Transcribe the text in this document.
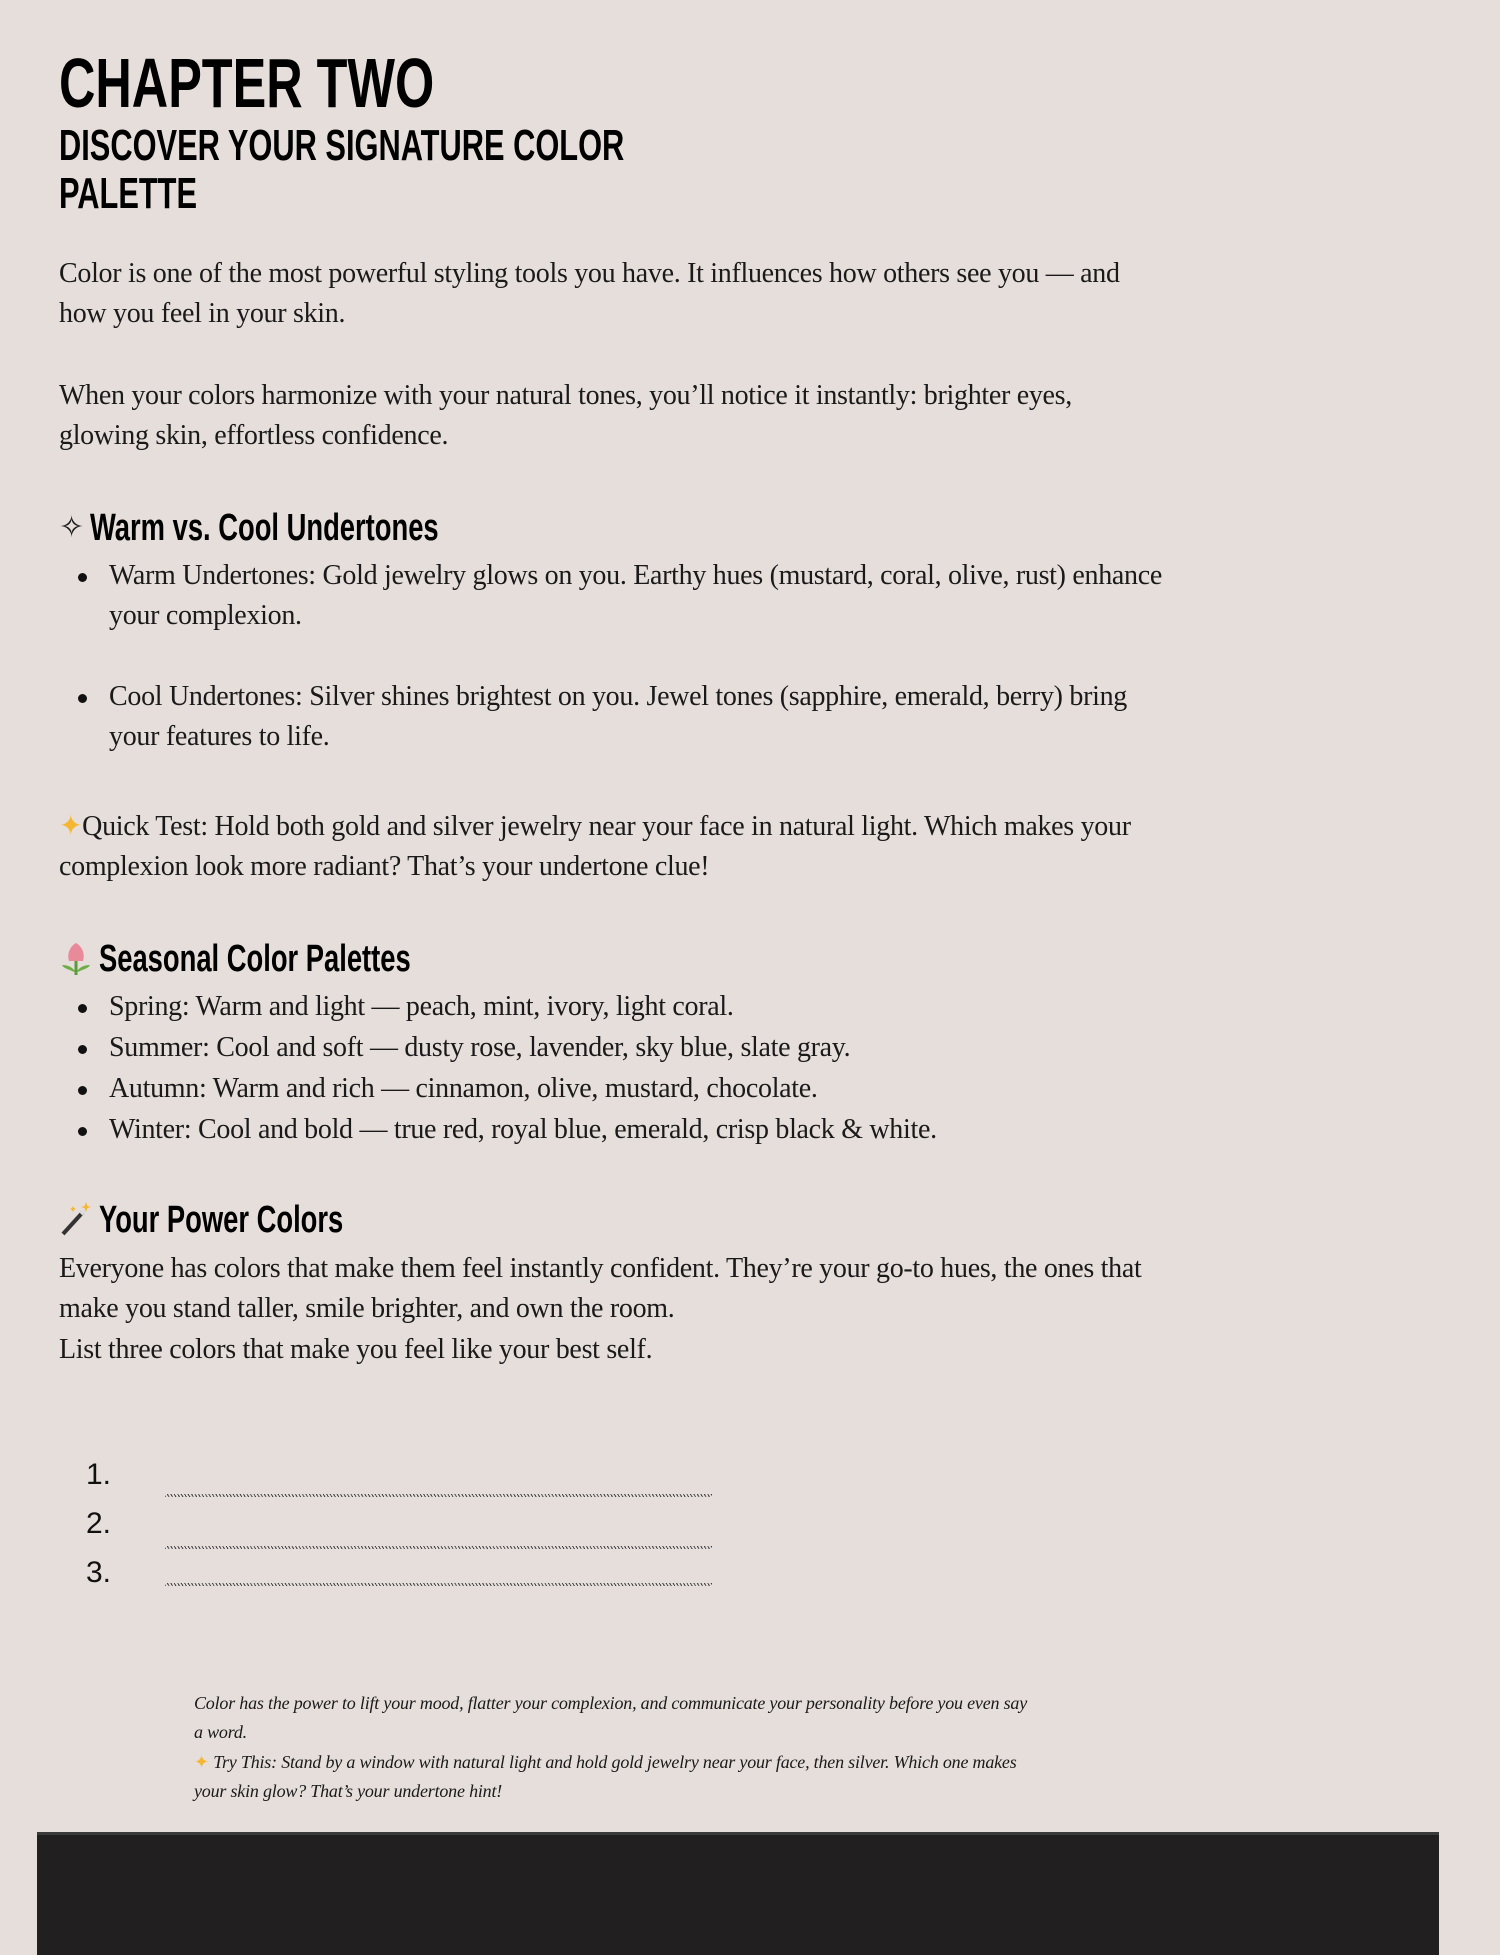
CHAPTER TWO
DISCOVER YOUR SIGNATURE COLOR
PALETTE
Color is one of the most powerful styling tools you have. It influences how others see you — and
how you feel in your skin.
When your colors harmonize with your natural tones, you’ll notice it instantly: brighter eyes,
glowing skin, effortless confidence.
✧ Warm vs. Cool Undertones
Warm Undertones: Gold jewelry glows on you. Earthy hues (mustard, coral, olive, rust) enhance
your complexion.
Cool Undertones: Silver shines brightest on you. Jewel tones (sapphire, emerald, berry) bring
your features to life.
✦Quick Test: Hold both gold and silver jewelry near your face in natural light. Which makes your
complexion look more radiant? That’s your undertone clue!
Seasonal Color Palettes
Spring: Warm and light — peach, mint, ivory, light coral.
Summer: Cool and soft — dusty rose, lavender, sky blue, slate gray.
Autumn: Warm and rich — cinnamon, olive, mustard, chocolate.
Winter: Cool and bold — true red, royal blue, emerald, crisp black & white.
Your Power Colors
Everyone has colors that make them feel instantly confident. They’re your go-to hues, the ones that
make you stand taller, smile brighter, and own the room.
List three colors that make you feel like your best self.
1.
2.
3.
Color has the power to lift your mood, flatter your complexion, and communicate your personality before you even say
a word.
✦ Try This: Stand by a window with natural light and hold gold jewelry near your face, then silver. Which one makes
your skin glow? That’s your undertone hint!
